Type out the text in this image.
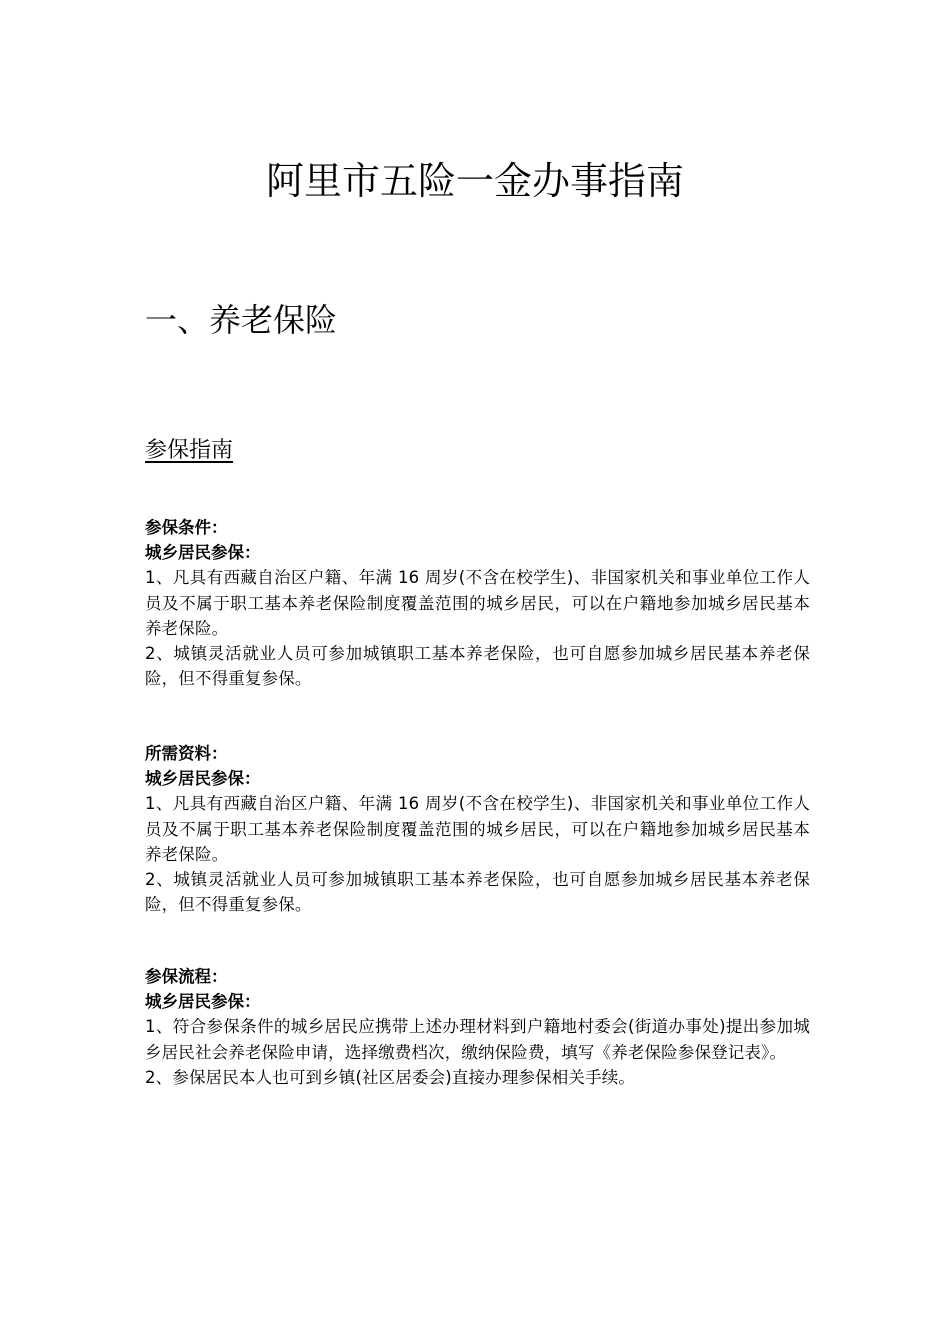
阿里市五险一金办事指南
一、养老保险
参保指南
参保条件：
城乡居民参保：
1、凡具有西藏自治区户籍、年满 16 周岁(不含在校学生)、非国家机关和事业单位工作人员及不属于职工基本养老保险制度覆盖范围的城乡居民，可以在户籍地参加城乡居民基本养老保险。
2、城镇灵活就业人员可参加城镇职工基本养老保险，也可自愿参加城乡居民基本养老保险，但不得重复参保。
所需资料：
城乡居民参保：
1、凡具有西藏自治区户籍、年满 16 周岁(不含在校学生)、非国家机关和事业单位工作人员及不属于职工基本养老保险制度覆盖范围的城乡居民，可以在户籍地参加城乡居民基本养老保险。
2、城镇灵活就业人员可参加城镇职工基本养老保险，也可自愿参加城乡居民基本养老保险，但不得重复参保。
参保流程：
城乡居民参保：
1、符合参保条件的城乡居民应携带上述办理材料到户籍地村委会(街道办事处)提出参加城乡居民社会养老保险申请，选择缴费档次，缴纳保险费，填写《养老保险参保登记表》。
2、参保居民本人也可到乡镇(社区居委会)直接办理参保相关手续。
